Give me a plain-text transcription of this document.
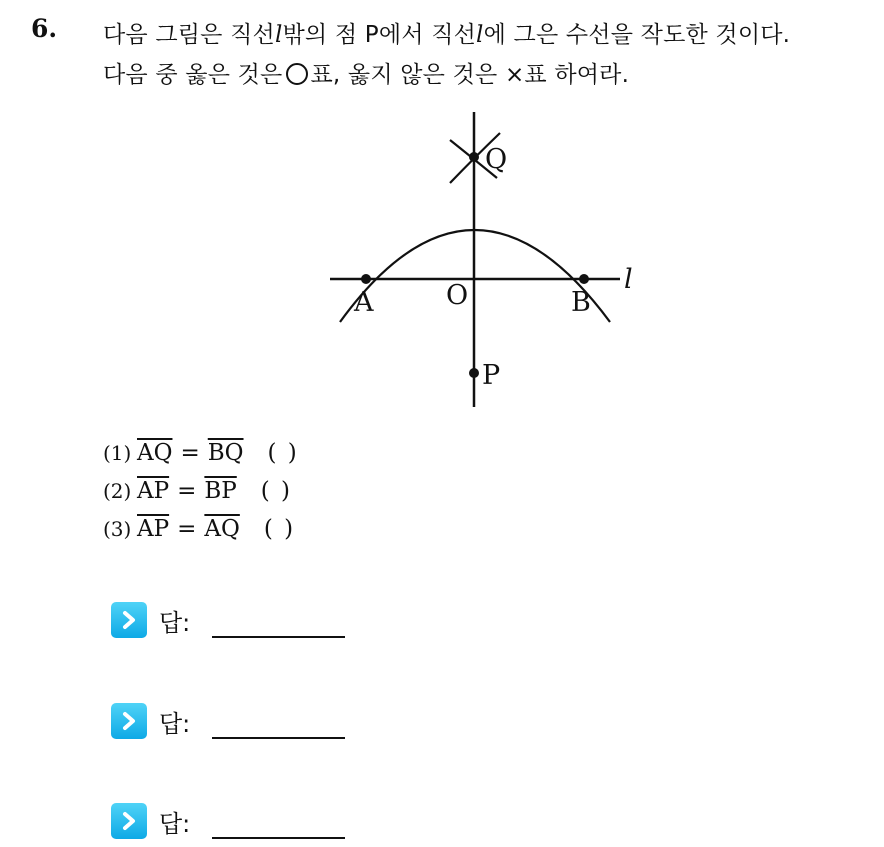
6. 다음 그림은 직선l밖의 점 P에서 직선l에 그은 수선을 작도한 것이다.
다음 중 옳은 것은 ○ 표, 옳지 않은 것은 ×표 하여라.
Q
A	O	B
l
P
(1) $\overline{AQ} = \overline{BQ}$ ( )
(2) $\overline{AP} = \overline{BP}$ ( )
(3) $\overline{AP} = \overline{AQ}$ ( )
답:
답:
답:
